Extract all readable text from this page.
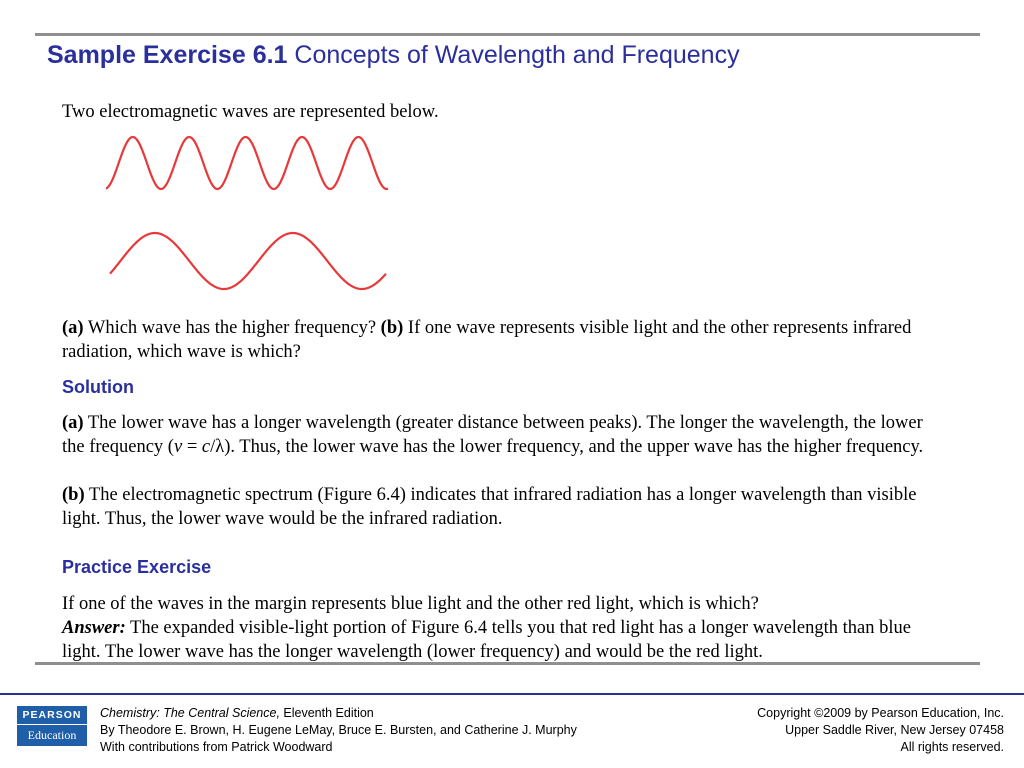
Sample Exercise 6.1 Concepts of Wavelength and Frequency
Two electromagnetic waves are represented below.
(a) Which wave has the higher frequency? (b) If one wave represents visible light and the other represents infrared radiation, which wave is which?
Solution
(a) The lower wave has a longer wavelength (greater distance between peaks). The longer the wavelength, the lower the frequency (ν = c/λ). Thus, the lower wave has the lower frequency, and the upper wave has the higher frequency.
(b) The electromagnetic spectrum (Figure 6.4) indicates that infrared radiation has a longer wavelength than visible light. Thus, the lower wave would be the infrared radiation.
Practice Exercise
If one of the waves in the margin represents blue light and the other red light, which is which?
Answer: The expanded visible-light portion of Figure 6.4 tells you that red light has a longer wavelength than blue light. The lower wave has the longer wavelength (lower frequency) and would be the red light.
PEARSON
Education
Chemistry: The Central Science, Eleventh Edition
By Theodore E. Brown, H. Eugene LeMay, Bruce E. Bursten, and Catherine J. Murphy
With contributions from Patrick Woodward
Copyright ©2009 by Pearson Education, Inc.
Upper Saddle River, New Jersey 07458
All rights reserved.
